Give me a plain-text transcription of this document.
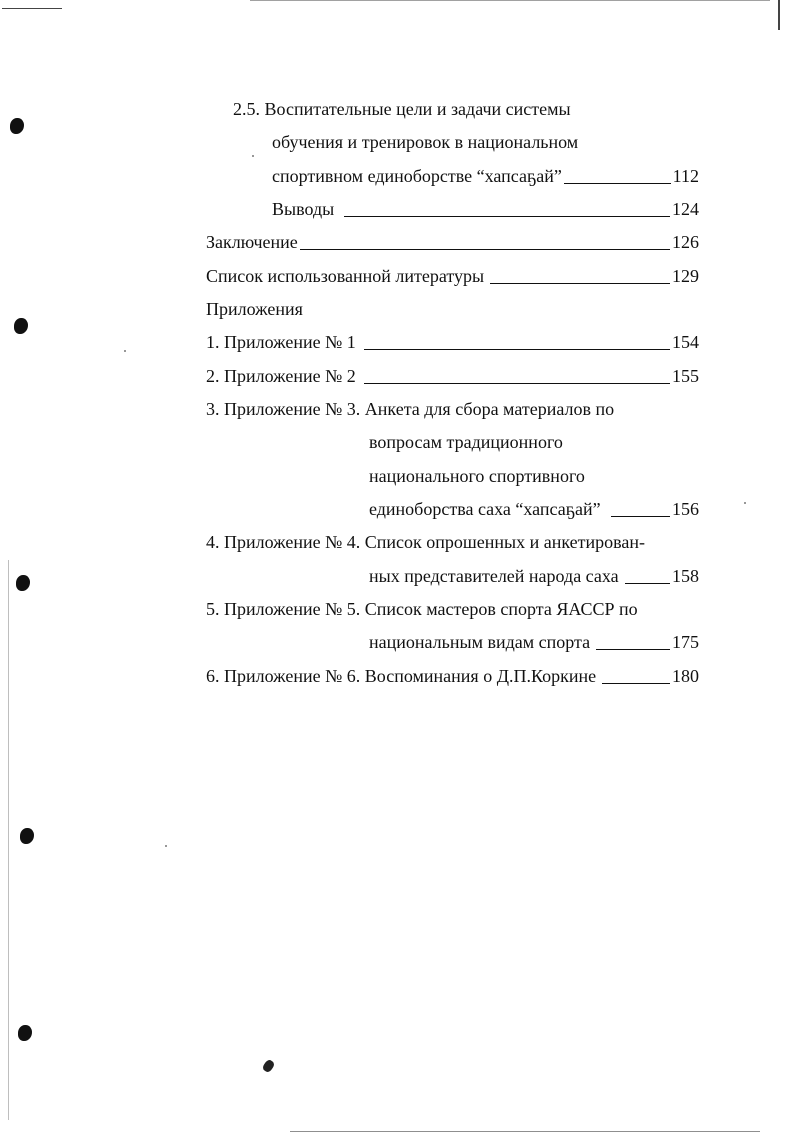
2.5. Воспитательные цели и задачи системы
обучения и тренировок в национальном
спортивном единоборстве “хапсаҕай”	112
Выводы	124
Заключение	126
Список использованной литературы	129
Приложения
1. Приложение № 1	154
2. Приложение № 2	155
3. Приложение № 3. Анкета для сбора материалов по
вопросам традиционного
национального спортивного
единоборства саха “хапсаҕай”	156
4. Приложение № 4. Список опрошенных и анкетирован-
ных представителей народа саха	158
5. Приложение № 5. Список мастеров спорта ЯАССР по
национальным видам спорта	175
6. Приложение № 6. Воспоминания о Д.П.Коркине	180
